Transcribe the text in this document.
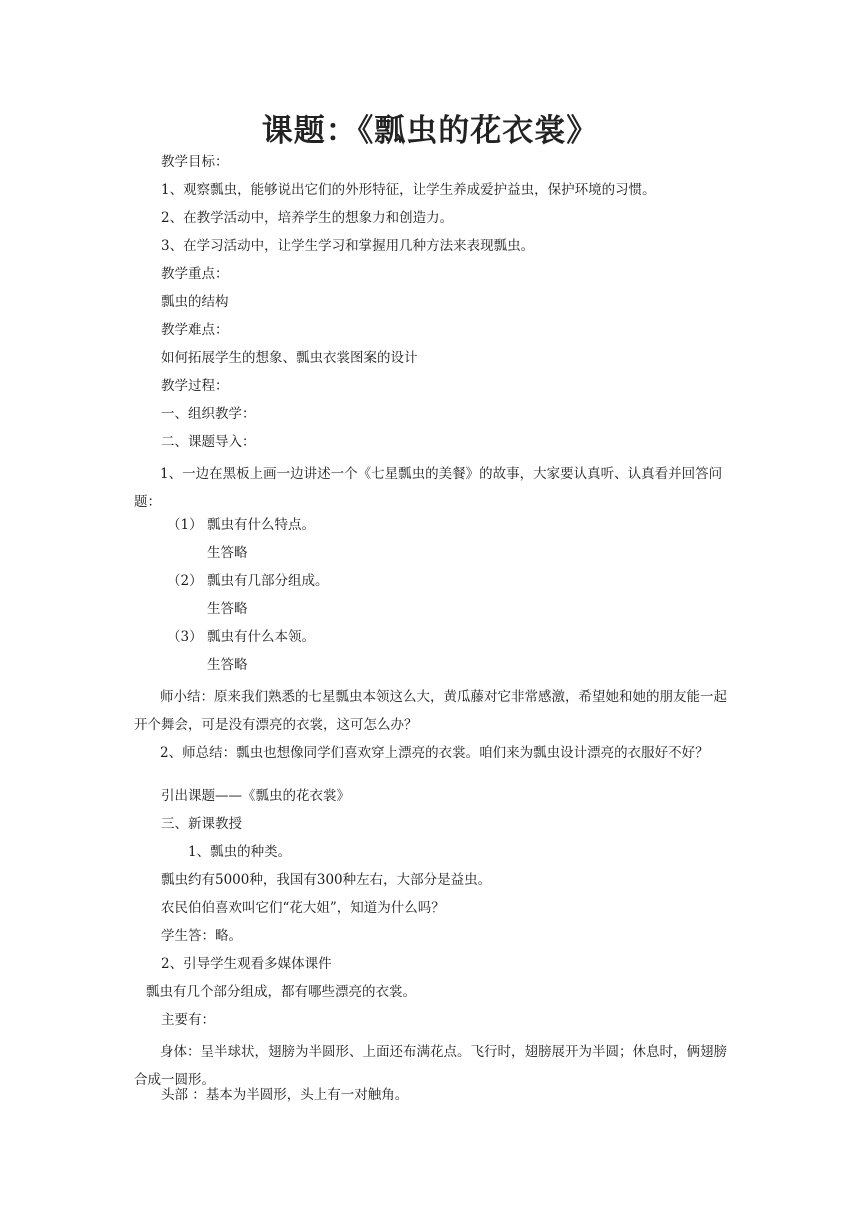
课题：《瓢虫的花衣裳》
教学目标：
1、观察瓢虫，能够说出它们的外形特征，让学生养成爱护益虫，保护环境的习惯。
2、在教学活动中，培养学生的想象力和创造力。
3、在学习活动中，让学生学习和掌握用几种方法来表现瓢虫。
教学重点：
瓢虫的结构
教学难点：
如何拓展学生的想象、瓢虫衣裳图案的设计
教学过程：
一、组织教学：
二、课题导入：
1、一边在黑板上画一边讲述一个《七星瓢虫的美餐》的故事，大家要认真听、认真看并回答问题：
（1） 瓢虫有什么特点。
生答略
（2） 瓢虫有几部分组成。
生答略
（3） 瓢虫有什么本领。
生答略
师小结：原来我们熟悉的七星瓢虫本领这么大，黄瓜藤对它非常感激，希望她和她的朋友能一起开个舞会，可是没有漂亮的衣裳，这可怎么办？
2、师总结：瓢虫也想像同学们喜欢穿上漂亮的衣裳。咱们来为瓢虫设计漂亮的衣服好不好？
引出课题——《瓢虫的花衣裳》
三、新课教授
1、瓢虫的种类。
瓢虫约有5000种，我国有300种左右，大部分是益虫。
农民伯伯喜欢叫它们“花大姐”，知道为什么吗？
学生答：略。
2、引导学生观看多媒体课件
瓢虫有几个部分组成，都有哪些漂亮的衣裳。
主要有：
身体：呈半球状，翅膀为半圆形、上面还布满花点。飞行时，翅膀展开为半圆；休息时，俩翅膀合成一圆形。
头部 ：基本为半圆形，头上有一对触角。
